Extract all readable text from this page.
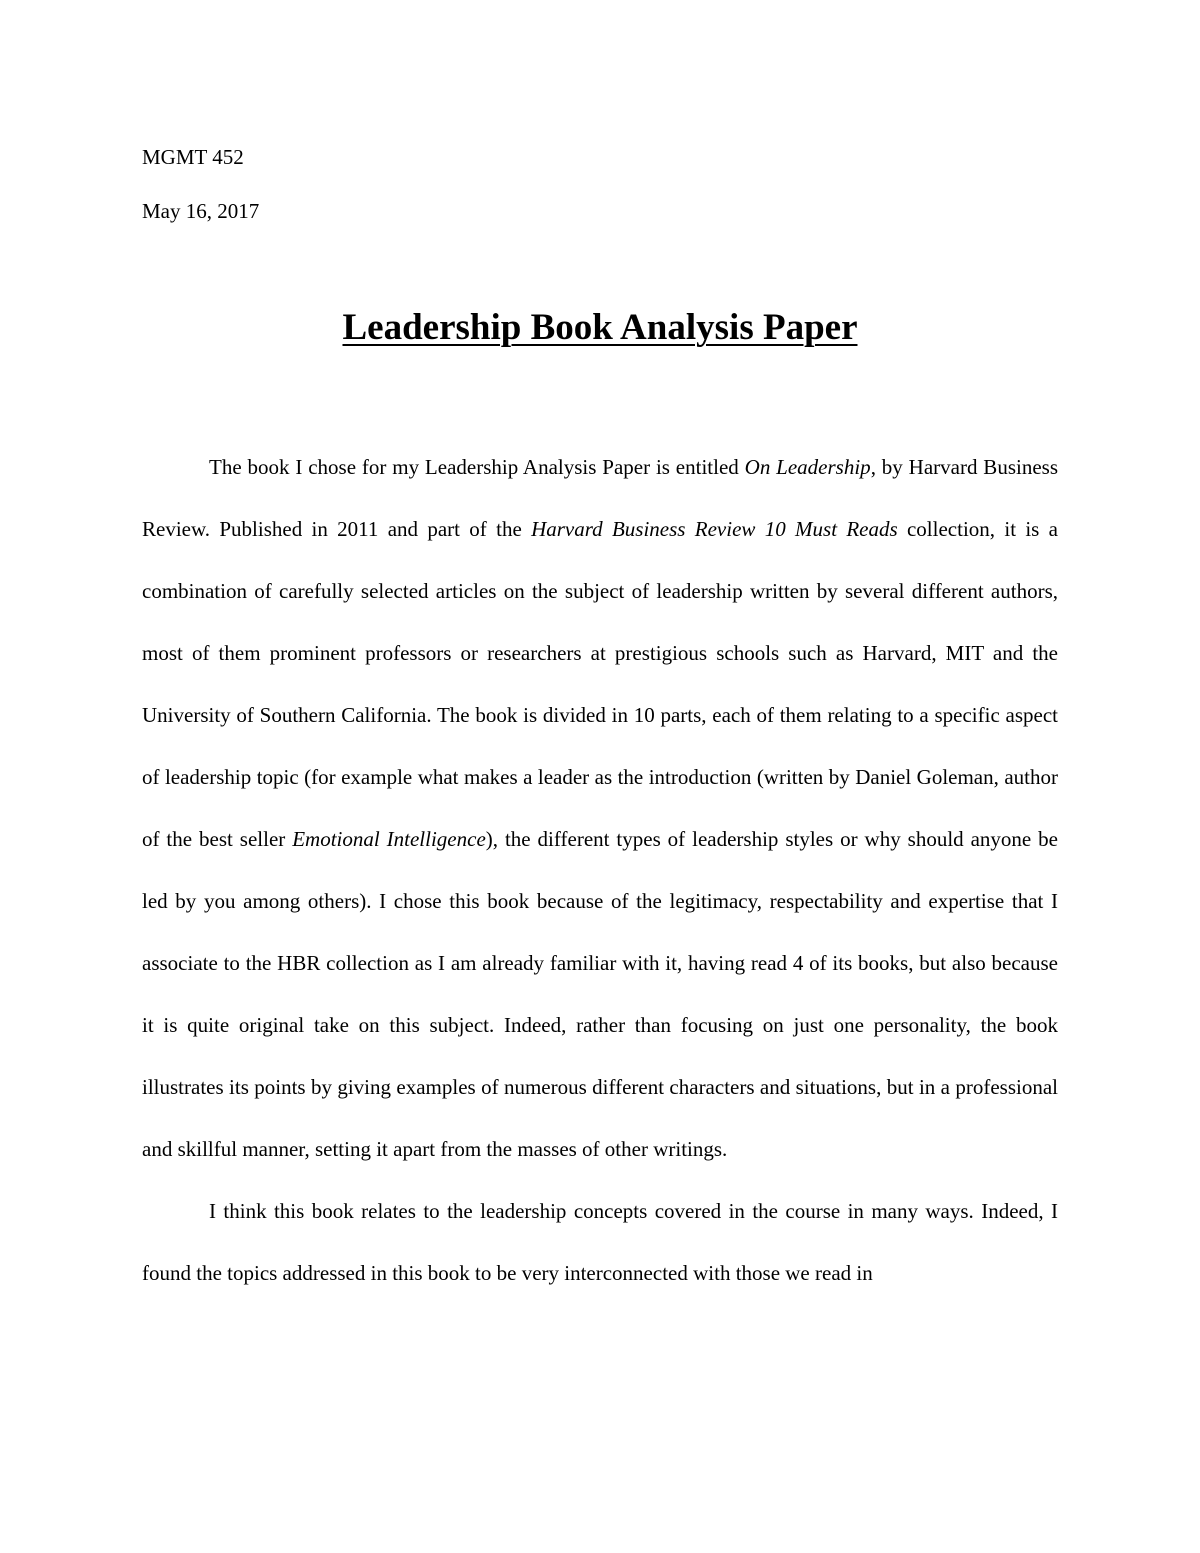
MGMT 452

May 16, 2017

Leadership Book Analysis Paper

The book I chose for my Leadership Analysis Paper is entitled On Leadership, by Harvard Business Review. Published in 2011 and part of the Harvard Business Review 10 Must Reads collection, it is a combination of carefully selected articles on the subject of leadership written by several different authors, most of them prominent professors or researchers at prestigious schools such as Harvard, MIT and the University of Southern California. The book is divided in 10 parts, each of them relating to a specific aspect of leadership topic (for example what makes a leader as the introduction (written by Daniel Goleman, author of the best seller Emotional Intelligence), the different types of leadership styles or why should anyone be led by you among others). I chose this book because of the legitimacy, respectability and expertise that I associate to the HBR collection as I am already familiar with it, having read 4 of its books, but also because it is quite original take on this subject. Indeed, rather than focusing on just one personality, the book illustrates its points by giving examples of numerous different characters and situations, but in a professional and skillful manner, setting it apart from the masses of other writings.

I think this book relates to the leadership concepts covered in the course in many ways. Indeed, I found the topics addressed in this book to be very interconnected with those we read in
